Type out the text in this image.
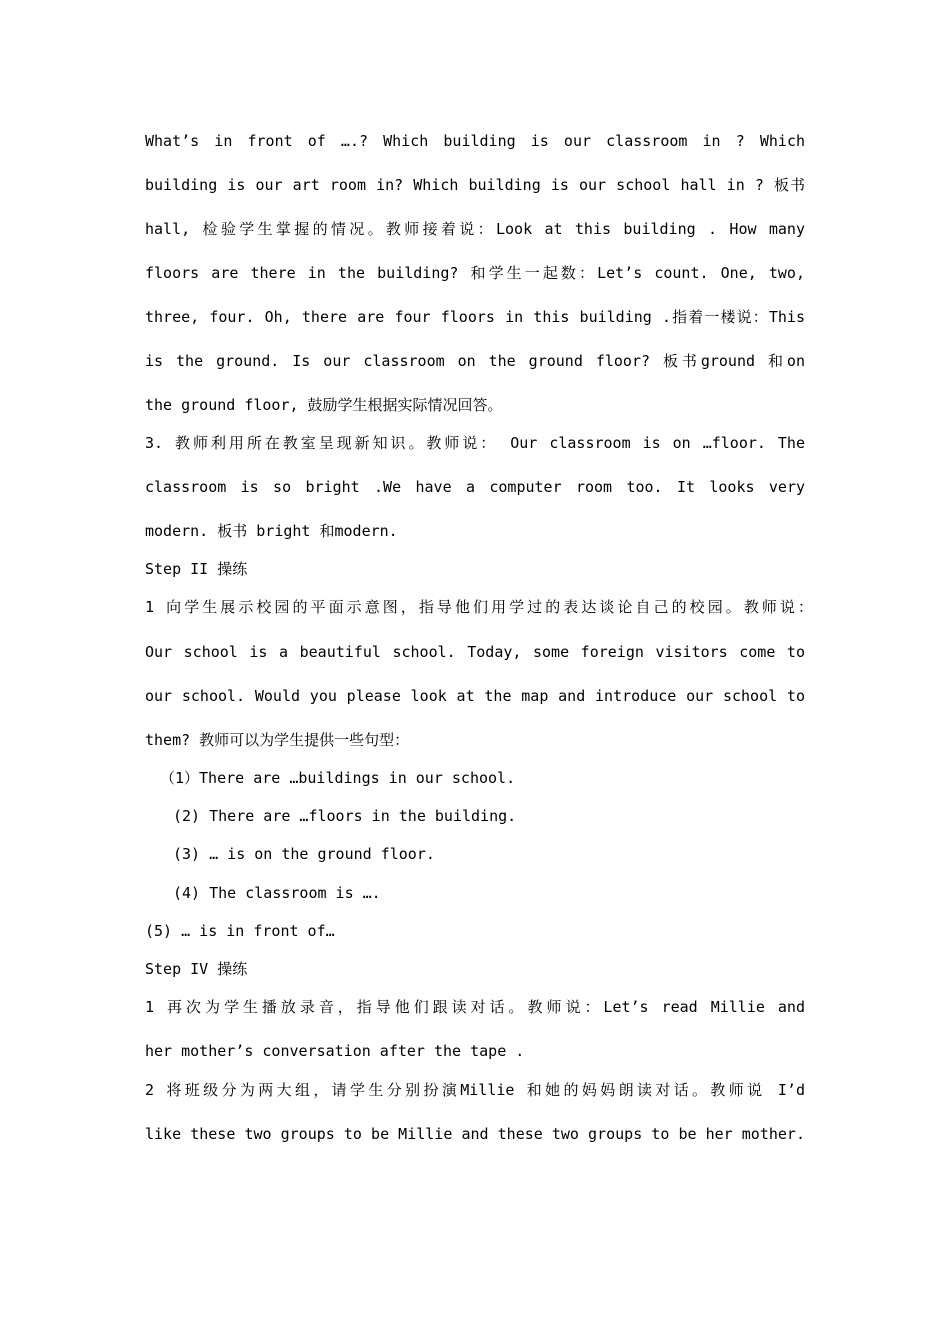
What’s in front of ….? Which building is our classroom in ? Which
building is our art room in? Which building is our school hall in ? 板书
hall, 检验学生掌握的情况。教师接着说：Look at this building . How many
floors are there in the building? 和学生一起数：Let’s count. One, two,
three, four. Oh, there are four floors in this building .指着一楼说：This
is the ground. Is our classroom on the ground floor? 板书ground 和on
the ground floor, 鼓励学生根据实际情况回答。
3. 教师利用所在教室呈现新知识。教师说： Our classroom is on …floor. The
classroom is so bright .We have a computer room too. It looks very
modern. 板书 bright 和modern.
Step II 操练
1 向学生展示校园的平面示意图，指导他们用学过的表达谈论自己的校园。教师说：
Our school is a beautiful school. Today, some foreign visitors come to
our school. Would you please look at the map and introduce our school to
them? 教师可以为学生提供一些句型：
（1）There are …buildings in our school.
(2) There are …floors in the building.
(3) … is on the ground floor.
(4) The classroom is ….
(5) … is in front of…
Step IV 操练
1 再次为学生播放录音，指导他们跟读对话。教师说：Let’s read Millie and
her mother’s conversation after the tape .
2 将班级分为两大组，请学生分别扮演Millie 和她的妈妈朗读对话。教师说 I’d
like these two groups to be Millie and these two groups to be her mother.
